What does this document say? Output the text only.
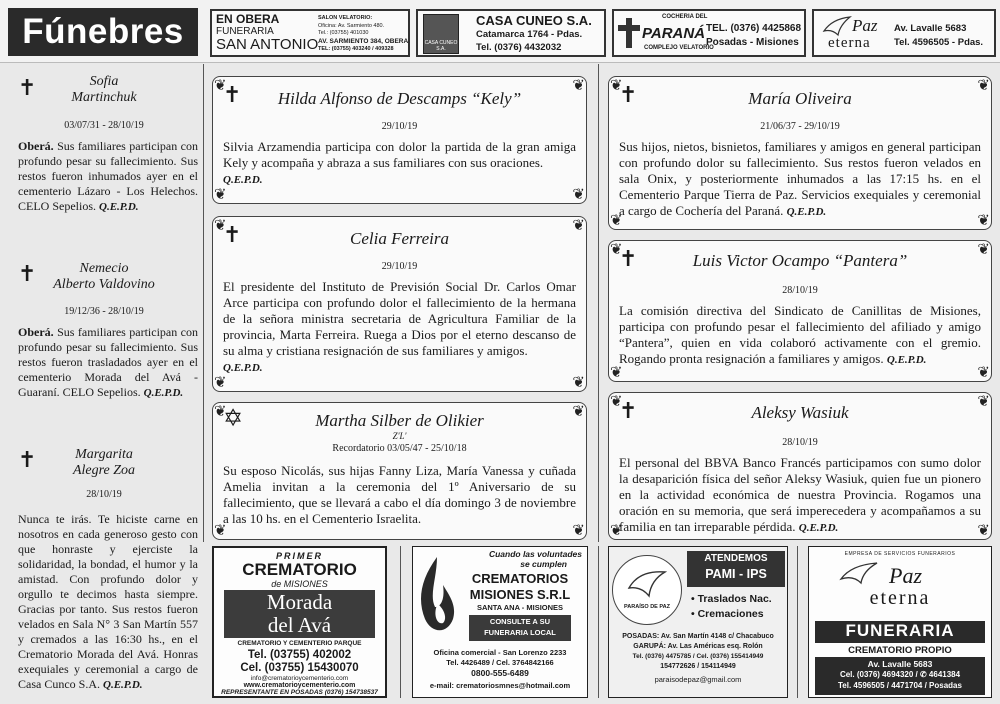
Fúnebres	EN OBERA
FUNERARIA
SAN ANTONIO
SALON VELATORIO:
Oficina: Av. Sarmiento 480.
Tel.: (03755) 401030
AV. SARMIENTO 384, OBERA
TEL: (03755) 403240 / 409328
CASA CUNEO S.A.
CASA CUNEO S.A.
Catamarca 1764 - Pdas.
Tel. (0376) 4432032
COCHERIA DEL
PARANÁ
COMPLEJO VELATORIO
TEL. (0376) 4425868
Posadas - Misiones
Paz
eterna
Av. Lavalle 5683
Tel. 4596505 - Pdas.
✝	Sofia
Martinchuk
03/07/31 - 28/10/19
Oberá. Sus familiares participan con profundo pesar su fallecimiento. Sus restos fueron inhumados ayer en el cementerio Lázaro - Los Helechos. CELO Sepelios. Q.E.P.D.
✝	Nemecio
Alberto Valdovino
19/12/36 - 28/10/19
Oberá. Sus familiares participan con profundo pesar su fallecimiento. Sus restos fueron trasladados ayer en el cementerio Morada del Avá - Guaraní. CELO Sepelios. Q.E.P.D.
✝	Margarita
Alegre Zoa
28/10/19
Nunca te irás. Te hiciste carne en nosotros en cada generoso gesto con que honraste y ejerciste la solidaridad, la bondad, el humor y la amistad. Con profundo dolor y orgullo te decimos hasta siempre. Gracias por tanto. Sus restos fueron velados en Sala N° 3 San Martín 557 y cremados a las 16:30 hs., en el Crematorio Morada del Avá. Honras exequiales y ceremonial a cargo de Casa Cunco S.A. Q.E.P.D.
❦	❦
❦	❦
✝	Hilda Alfonso de Descamps “Kely”
29/10/19
Silvia Arzamendia participa con dolor la partida de la gran amiga Kely y acompaña y abraza a sus familiares con sus oraciones.
Q.E.P.D.
❦	❦
❦	❦
✝	Celia Ferreira
29/10/19
El presidente del Instituto de Previsión Social Dr. Carlos Omar Arce participa con profundo dolor el fallecimiento de la hermana de la señora ministra secretaria de Agricultura Familiar de la provincia, Marta Ferreira. Ruega a Dios por el eterno descanso de su alma y cristiana resignación de sus familiares y amigos.
Q.E.P.D.
❦	❦
❦	❦
✡	Martha Silber de Olikier
Z'L'
Recordatorio 03/05/47 - 25/10/18
Su esposo Nicolás, sus hijas Fanny Liza, María Vanessa y cuñada Amelia invitan a la ceremonia del 1º Aniversario de su fallecimiento, que se llevará a cabo el día domingo 3 de noviembre a las 10 hs. en el Cementerio Israelita.
❦	❦
❦	❦
✝	María Oliveira
21/06/37 - 29/10/19
Sus hijos, nietos, bisnietos, familiares y amigos en general participan con profundo dolor su fallecimiento. Sus restos fueron velados en sala Onix, y posteriormente inhumados a las 17:15 hs. en el Cementerio Parque Tierra de Paz. Servicios exequiales y ceremonial a cargo de Cochería del Paraná. Q.E.P.D.
❦	❦
❦	❦
✝	Luis Victor Ocampo “Pantera”
28/10/19
La comisión directiva del Sindicato de Canillitas de Misiones, participa con profundo pesar el fallecimiento del afiliado y amigo “Pantera”, quien en vida colaboró activamente con el gremio. Rogando pronta resignación a familiares y amigos. Q.E.P.D.
❦	❦
❦	❦
✝	Aleksy Wasiuk
28/10/19
El personal del BBVA Banco Francés participamos con sumo dolor la desaparición física del señor Aleksy Wasiuk, quien fue un pionero en la actividad económica de nuestra Provincia. Rogamos una oración en su memoria, que será imperecedera y acompañamos a su familia en tan irreparable pérdida. Q.E.P.D.
PRIMER
CREMATORIO
de MISIONES
Morada
del Avá
CREMATORIO Y CEMENTERIO PARQUE
Tel. (03755) 402002
Cel. (03755) 15430070
info@crematorioycementerio.com
www.crematorioycementerio.com
REPRESENTANTE EN POSADAS (0376) 154738537
Cuando las voluntades
se cumplen
CREMATORIOS
MISIONES S.R.L
SANTA ANA - MISIONES
CONSULTE A SU
FUNERARIA LOCAL
Oficina comercial - San Lorenzo 2233
Tel. 4426489 / Cel. 3764842166
0800-555-6489
e-mail: crematoriosmnes@hotmail.com
PARAÍSO DE PAZ
ATENDEMOS
PAMI - IPS
• Traslados Nac.
• Cremaciones
POSADAS: Av. San Martín 4148 c/ Chacabuco
GARUPÁ: Av. Las Américas esq. Rolón
Tel. (0376) 4475785 / Cel. (0376) 155414949
154772626 / 154114949
paraisodepaz@gmail.com
EMPRESA DE SERVICIOS FUNERARIOS
Paz
eterna
FUNERARIA
CREMATORIO PROPIO
Av. Lavalle 5683
Cel. (0376) 4694320 / ✆ 4641384
Tel. 4596505 / 4471704 / Posadas
